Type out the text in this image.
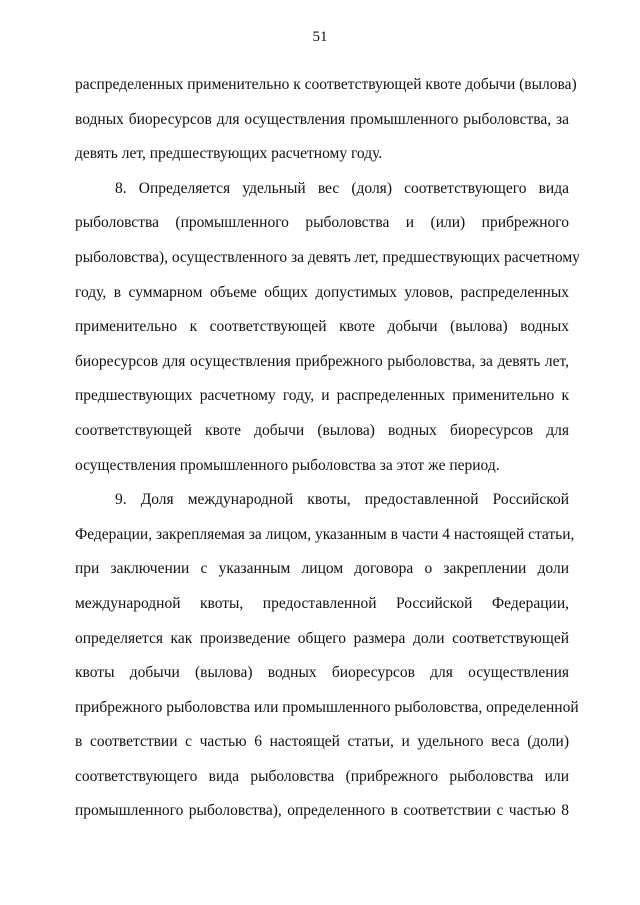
51
распределенных применительно к соответствующей квоте добычи (вылова)
водных биоресурсов для осуществления промышленного рыболовства, за
девять лет, предшествующих расчетному году.
8. Определяется удельный вес (доля) соответствующего вида
рыболовства (промышленного рыболовства и (или) прибрежного
рыболовства), осуществленного за девять лет, предшествующих расчетному
году, в суммарном объеме общих допустимых уловов, распределенных
применительно к соответствующей квоте добычи (вылова) водных
биоресурсов для осуществления прибрежного рыболовства, за девять лет,
предшествующих расчетному году, и распределенных применительно к
соответствующей квоте добычи (вылова) водных биоресурсов для
осуществления промышленного рыболовства за этот же период.
9. Доля международной квоты, предоставленной Российской
Федерации, закрепляемая за лицом, указанным в части 4 настоящей статьи,
при заключении с указанным лицом договора о закреплении доли
международной квоты, предоставленной Российской Федерации,
определяется как произведение общего размера доли соответствующей
квоты добычи (вылова) водных биоресурсов для осуществления
прибрежного рыболовства или промышленного рыболовства, определенной
в соответствии с частью 6 настоящей статьи, и удельного веса (доли)
соответствующего вида рыболовства (прибрежного рыболовства или
промышленного рыболовства), определенного в соответствии с частью 8
